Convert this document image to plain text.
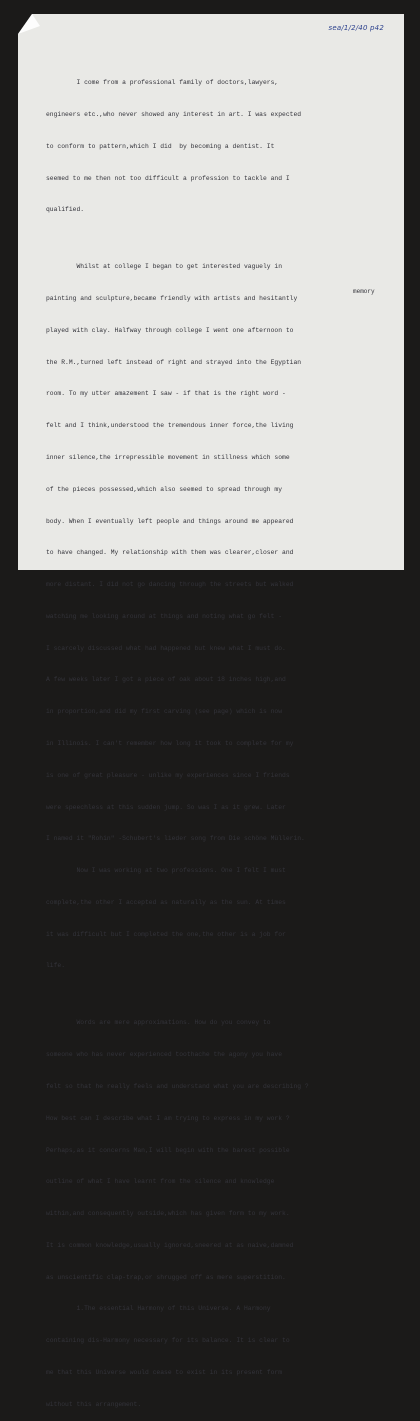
sea/1/2/40 p42

I come from a professional family of doctors,lawyers,

engineers etc.,who never showed any interest in art. I was expected

to conform to pattern,which I did  by becoming a dentist. It

seemed to me then not too difficult a profession to tackle and I

qualified.

Whilst at college I began to get interested vaguely in

painting and sculpture,became friendly with artists and hesitantly

played with clay. Halfway through college I went one afternoon to

the R.M.,turned left instead of right and strayed into the Egyptian

room. To my utter amazement I saw - if that is the right word -

felt and I think,understood the tremendous inner force,the living

inner silence,the irrepressible movement in stillness which some

of the pieces possessed,which also seemed to spread through my

body. When I eventually left people and things around me appeared

to have changed. My relationship with them was clearer,closer and

more distant. I did not go dancing through the streets but walked

watching me looking around at things and noting what go felt -

I scarcely discussed what had happened but knew what I must do.

A few weeks later I got a piece of oak about 18 inches high,and

in proportion,and did my first carving (see page) which is now

in Illinois. I can't remember how long it took to complete for my

is one of great pleasure - unlike my experiences since I friends

were speechless at this sudden jump. So was I as it grew. Later

I named it "Rohin" -Schubert's lieder song from Die schöne Müllerin.

Now I was working at two professions. One I felt I must

complete,the other I accepted as naturally as the sun. At times

it was difficult but I completed the one,the other is a job for

life.

Words are mere approximations. How do you convey to

someone who has never experienced toothache the agony you have

felt so that he really feels and understand what you are describing ?

How best can I describe what I am trying to express in my work ?

Perhaps,as it concerns Man,I will begin with the barest possible

outline of what I have learnt from the silence and knowledge

within,and consequently outside,which has given form to my work.

It is common knowledge,usually ignored,sneered at as naive,damned

as unscientific clap-trap,or shrugged off as mere superstition.

1.The essential Harmony of this Universe. A Harmony

containing dis-Harmony necessary for its balance. It is clear to

me that this Universe would cease to exist in its present form

without this arrangement.

memory
